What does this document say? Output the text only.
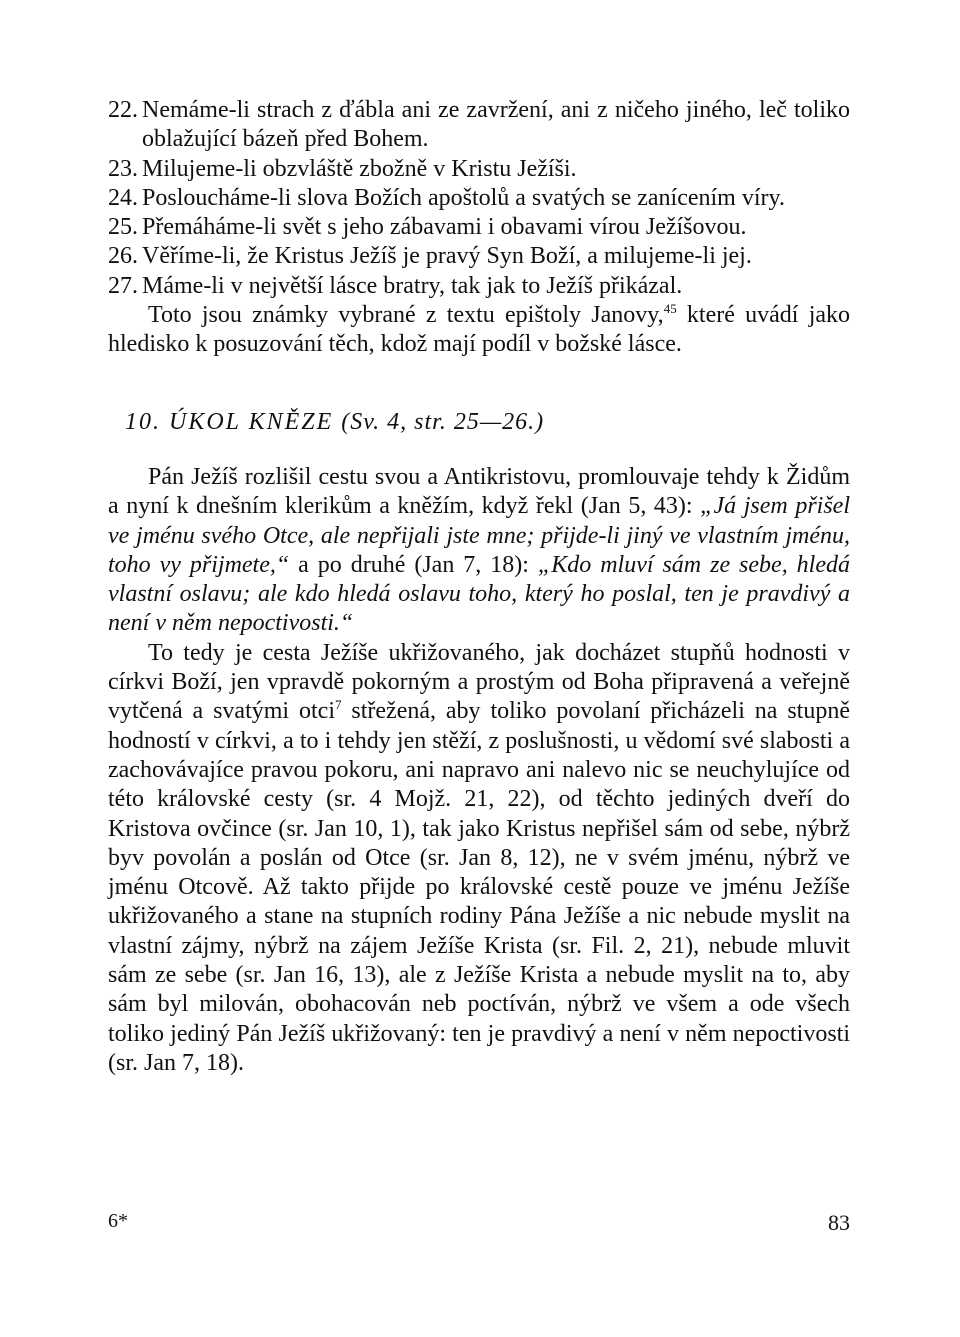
22. Nemáme-li strach z ďábla ani ze zavržení, ani z ničeho jiného, leč toliko oblažující bázeň před Bohem.
23. Milujeme-li obzvláště zbožně v Kristu Ježíši.
24. Posloucháme-li slova Božích apoštolů a svatých se zanícením víry.
25. Přemáháme-li svět s jeho zábavami i obavami vírou Ježíšovou.
26. Věříme-li, že Kristus Ježíš je pravý Syn Boží, a milujeme-li jej.
27. Máme-li v největší lásce bratry, tak jak to Ježíš přikázal.

Toto jsou známky vybrané z textu epištoly Janovy,$^{45}$ které uvádí jako hledisko k posuzování těch, kdož mají podíl v božské lásce.

10. ÚKOL KNĚZE (Sv. 4, str. 25—26.)

Pán Ježíš rozlišil cestu svou a Antikristovu, promlouvaje tehdy k Židům a nyní k dnešním klerikům a kněžím, když řekl (Jan 5, 43): „Já jsem přišel ve jménu svého Otce, ale nepřijali jste mne; přijde-li jiný ve vlastním jménu, toho vy přijmete,“ a po druhé (Jan 7, 18): „Kdo mluví sám ze sebe, hledá vlastní oslavu; ale kdo hledá oslavu toho, který ho poslal, ten je pravdivý a není v něm nepoctivosti.“

To tedy je cesta Ježíše ukřižovaného, jak docházet stupňů hodnosti v církvi Boží, jen vpravdě pokorným a prostým od Boha připravená a veřejně vytčená a svatými otci$^7$ střežená, aby toliko povolaní přicházeli na stupně hodností v církvi, a to i tehdy jen stěží, z poslušnosti, u vědomí své slabosti a zachovávajíce pravou pokoru, ani napravo ani nalevo nic se neuchylujíce od této královské cesty (sr. 4 Mojž. 21, 22), od těchto jediných dveří do Kristova ovčince (sr. Jan 10, 1), tak jako Kristus nepřišel sám od sebe, nýbrž byv povolán a poslán od Otce (sr. Jan 8, 12), ne v svém jménu, nýbrž ve jménu Otcově. Až takto přijde po královské cestě pouze ve jménu Ježíše ukřižovaného a stane na stupních rodiny Pána Ježíše a nic nebude myslit na vlastní zájmy, nýbrž na zájem Ježíše Krista (sr. Fil. 2, 21), nebude mluvit sám ze sebe (sr. Jan 16, 13), ale z Ježíše Krista a nebude myslit na to, aby sám byl milován, obohacován neb poctíván, nýbrž ve všem a ode všech toliko jediný Pán Ježíš ukřižovaný: ten je pravdivý a není v něm nepoctivosti (sr. Jan 7, 18).

6*	83
